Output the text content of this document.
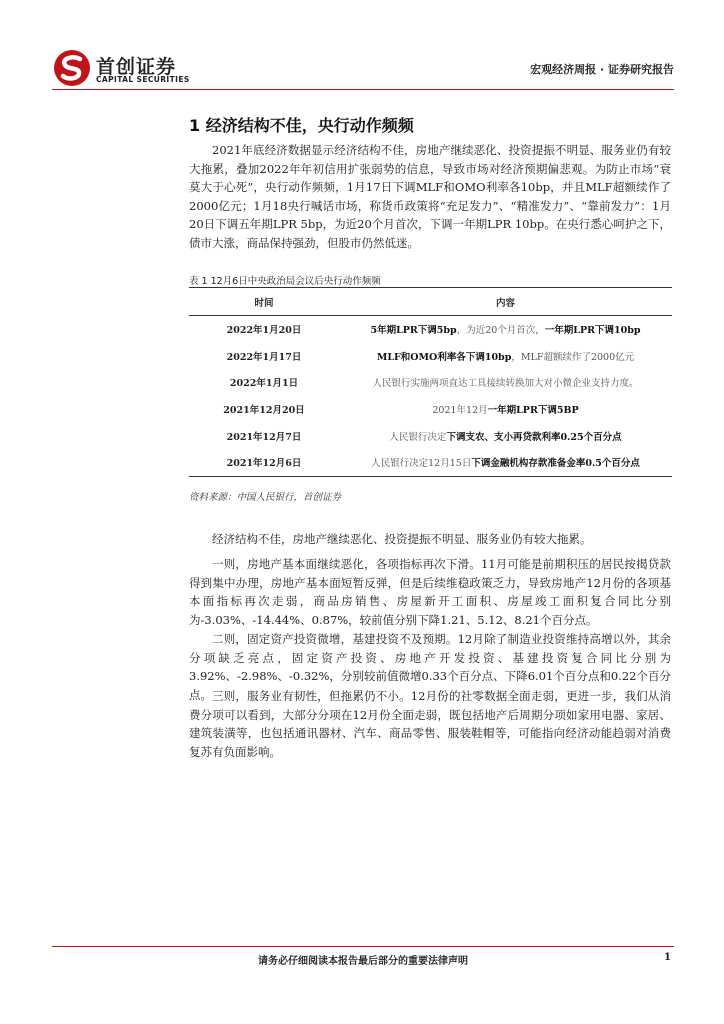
首创证券
CAPITAL SECURITIES
宏观经济周报 · 证券研究报告
1 经济结构不佳，央行动作频频

2021年底经济数据显示经济结构不佳，房地产继续恶化、投资提振不明显、服务业仍有较大拖累，叠加2022年年初信用扩张弱势的信息，导致市场对经济预期偏悲观。为防止市场“衰莫大于心死”，央行动作频频，1月17日下调MLF和OMO利率各10bp，并且MLF超额续作了2000亿元；1月18央行喊话市场，称货币政策将“充足发力”、“精准发力”、“靠前发力”：1月20日下调五年期LPR 5bp，为近20个月首次，下调一年期LPR 10bp。在央行悉心呵护之下，债市大涨，商品保持强劲，但股市仍然低迷。

表 1 12月6日中央政治局会议后央行动作频频
时间	内容
2022年1月20日	5年期LPR下调5bp，为近20个月首次，一年期LPR下调10bp
2022年1月17日	MLF和OMO利率各下调10bp，MLF超额续作了2000亿元
2022年1月1日	人民银行实施两项直达工具接续转换加大对小微企业支持力度。
2021年12月20日	2021年12月一年期LPR下调5BP
2021年12月7日	人民银行决定下调支农、支小再贷款利率0.25个百分点
2021年12月6日	人民银行决定12月15日下调金融机构存款准备金率0.5个百分点
资料来源：中国人民银行，首创证券

经济结构不佳，房地产继续恶化、投资提振不明显、服务业仍有较大拖累。

一则，房地产基本面继续恶化，各项指标再次下滑。11月可能是前期积压的居民按揭贷款得到集中办理，房地产基本面短暂反弹，但是后续维稳政策乏力，导致房地产12月份的各项基本面指标再次走弱，商品房销售、房屋新开工面积、房屋竣工面积复合同比分别为-3.03%、-14.44%、0.87%，较前值分别下降1.21、5.12、8.21个百分点。

二则，固定资产投资微增，基建投资不及预期。12月除了制造业投资维持高增以外，其余分项缺乏亮点，固定资产投资、房地产开发投资、基建投资复合同比分别为3.92%、-2.98%、-0.32%，分别较前值微增0.33个百分点、下降6.01个百分点和0.22个百分点。 三则，服务业有韧性，但拖累仍不小。12月份的社零数据全面走弱，更进一步，我们从消费分项可以看到，大部分分项在12月份全面走弱，既包括地产后周期分项如家用电器、家居、建筑装潢等，也包括通讯器材、汽车、商品零售、服装鞋帽等，可能指向经济动能趋弱对消费复苏有负面影响。

请务必仔细阅读本报告最后部分的重要法律声明	1
